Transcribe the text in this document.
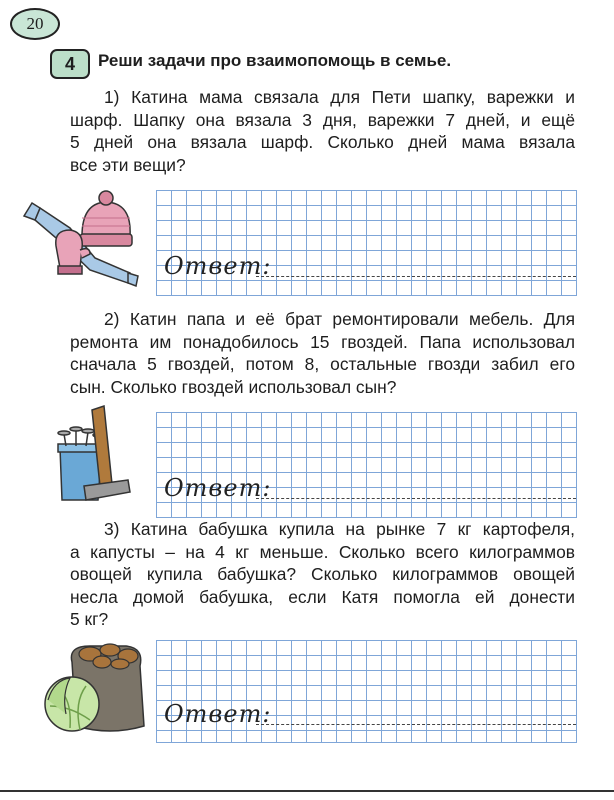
20
4	Реши задачи про взаимопомощь в семье.
1) Катина мама связала для Пети шапку, варежки и
шарф. Шапку она вязала 3 дня, варежки 7 дней, и ещё
5 дней она вязала шарф. Сколько дней мама вязала
все эти вещи?
Ответ:
2) Катин папа и её брат ремонтировали мебель. Для
ремонта им понадобилось 15 гвоздей. Папа использовал
сначала 5 гвоздей, потом 8, остальные гвозди забил его
сын. Сколько гвоздей использовал сын?
Ответ:
3) Катина бабушка купила на рынке 7 кг картофеля,
а капусты – на 4 кг меньше. Сколько всего килограммов
овощей купила бабушка? Сколько килограммов овощей
несла домой бабушка, если Катя помогла ей донести
5 кг?
Ответ:
